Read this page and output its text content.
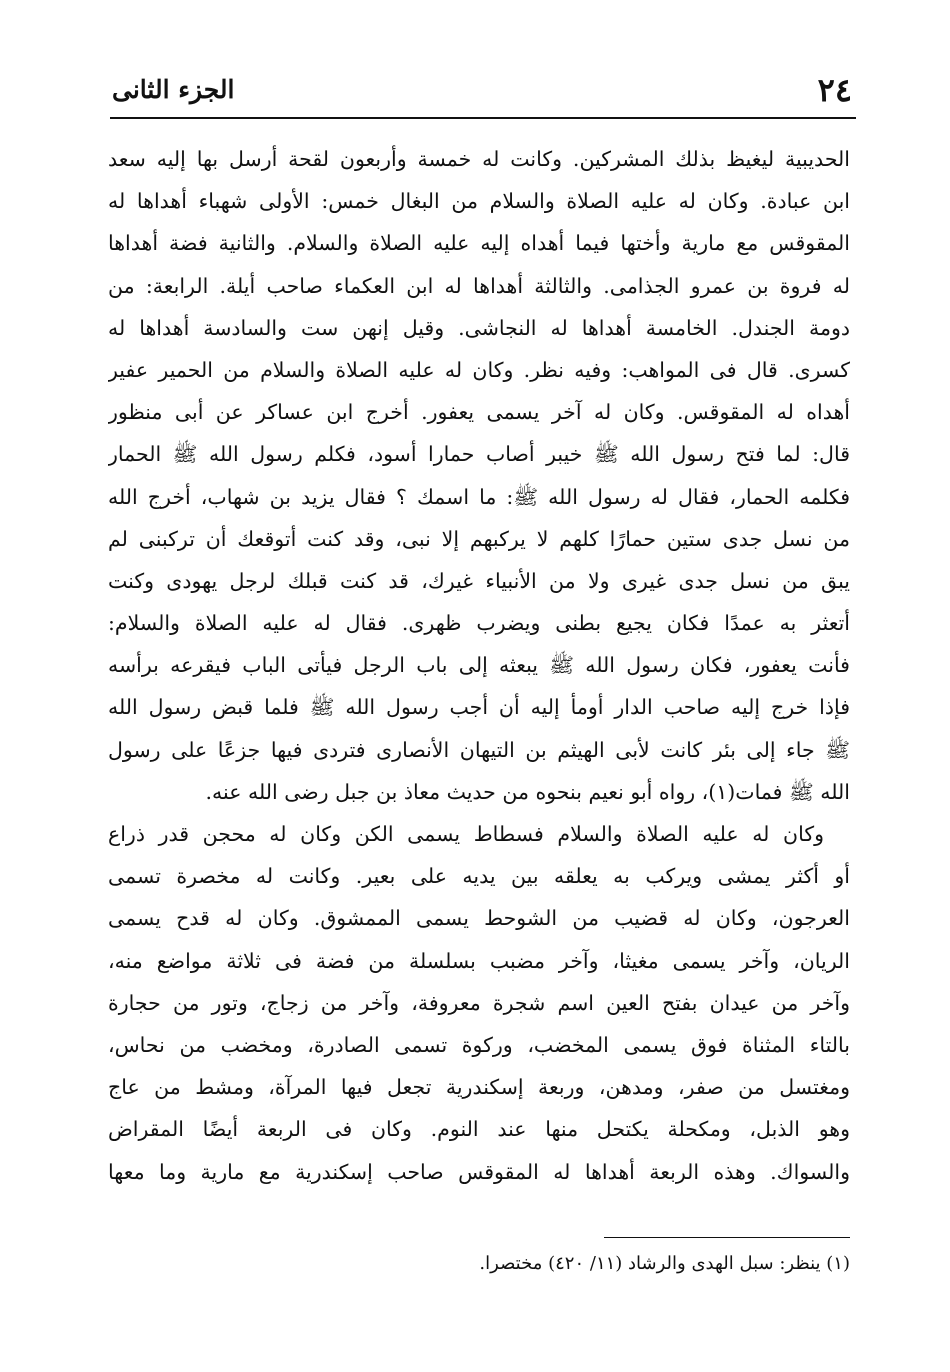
٢٤
الجزء الثانى
الحديبية ليغيظ بذلك المشركين. وكانت له خمسة وأربعون لقحة أرسل بها إليه سعد
ابن عبادة. وكان له عليه الصلاة والسلام من البغال خمس: الأولى شهباء أهداها له
المقوقس مع مارية وأختها فيما أهداه إليه عليه الصلاة والسلام. والثانية فضة أهداها
له فروة بن عمرو الجذامى. والثالثة أهداها له ابن العكماء صاحب أيلة. الرابعة: من
دومة الجندل. الخامسة أهداها له النجاشى. وقيل إنهن ست والسادسة أهداها له
كسرى. قال فى المواهب: وفيه نظر. وكان له عليه الصلاة والسلام من الحمير عفير
أهداه له المقوقس. وكان له آخر يسمى يعفور. أخرج ابن عساكر عن أبى منظور
قال: لما فتح رسول الله ﷺ خيبر أصاب حمارا أسود، فكلم رسول الله ﷺ الحمار
فكلمه الحمار، فقال له رسول الله ﷺ: ما اسمك ؟ فقال يزيد بن شهاب، أخرج الله
من نسل جدى ستين حمارًا كلهم لا يركبهم إلا نبى، وقد كنت أتوقعك أن تركبنى لم
يبق من نسل جدى غيرى ولا من الأنبياء غيرك، قد كنت قبلك لرجل يهودى وكنت
أتعثر به عمدًا فكان يجيع بطنى ويضرب ظهرى. فقال له عليه الصلاة والسلام:
فأنت يعفور، فكان رسول الله ﷺ يبعثه إلى باب الرجل فيأتى الباب فيقرعه برأسه
فإذا خرج إليه صاحب الدار أومأ إليه أن أجب رسول الله ﷺ فلما قبض رسول الله
ﷺ جاء إلى بئر كانت لأبى الهيثم بن التيهان الأنصارى فتردى فيها جزعًا على رسول
الله ﷺ فمات(١)، رواه أبو نعيم بنحوه من حديث معاذ بن جبل رضى الله عنه.
وكان له عليه الصلاة والسلام فسطاط يسمى الكن وكان له محجن قدر ذراع
أو أكثر يمشى ويركب به يعلقه بين يديه على بعير. وكانت له مخصرة تسمى
العرجون، وكان له قضيب من الشوحط يسمى الممشوق. وكان له قدح يسمى
الريان، وآخر يسمى مغيثا، وآخر مضبب بسلسلة من فضة فى ثلاثة مواضع منه،
وآخر من عيدان بفتح العين اسم شجرة معروفة، وآخر من زجاج، وتور من حجارة
بالتاء المثناة فوق يسمى المخضب، وركوة تسمى الصادرة، ومخضب من نحاس،
ومغتسل من صفر، ومدهن، وربعة إسكندرية تجعل فيها المرآة، ومشط من عاج
وهو الذبل، ومكحلة يكتحل منها عند النوم. وكان فى الربعة أيضًا المقراض
والسواك. وهذه الربعة أهداها له المقوقس صاحب إسكندرية مع مارية وما معها
(١) ينظر: سبل الهدى والرشاد (١١/ ٤٢٠) مختصرا.
